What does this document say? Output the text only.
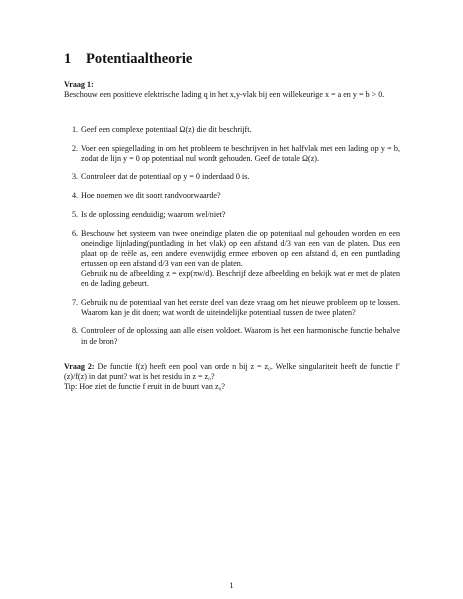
1 Potentiaaltheorie
Vraag 1:
Beschouw een positieve elektrische lading q in het x,y-vlak bij een willekeurige x = a en y = b > 0.
1. Geef een complexe potentiaal Ω(z) die dit beschrijft.
2. Voer een spiegellading in om het probleem te beschrijven in het halfvlak met een lading op y = b, zodat de lijn y = 0 op potentiaal nul wordt gehouden. Geef de totale Ω(z).
3. Controleer dat de potentiaal op y = 0 inderdaad 0 is.
4. Hoe noemen we dit soort randvoorwaarde?
5. Is de oplossing eenduidig; waarom wel/niet?
6. Beschouw het systeem van twee oneindige platen die op potentiaal nul gehouden worden en een oneindige lijnlading(puntlading in het vlak) op een afstand d/3 van een van de platen. Dus een plaat op de reële as, een andere evenwijdig ermee erboven op een afstand d, en een puntlading ertussen op een afstand d/3 van een van de platen.
Gebruik nu de afbeelding z = exp(πw/d). Beschrijf deze afbeelding en bekijk wat er met de platen en de lading gebeurt.
7. Gebruik nu de potentiaal van het eerste deel van deze vraag om het nieuwe probleem op te lossen. Waarom kan je dit doen; wat wordt de uiteindelijke potentiaal tussen de twee platen?
8. Controleer of de oplossing aan alle eisen voldoet. Waarom is het een harmonische functie behalve in de bron?
Vraag 2: De functie f(z) heeft een pool van orde n bij z = z₀. Welke singulariteit heeft de functie f′(z)/f(z) in dat punt? wat is het residu in z = z₀?
Tip: Hoe ziet de functie f eruit in de buurt van z₀?
1
